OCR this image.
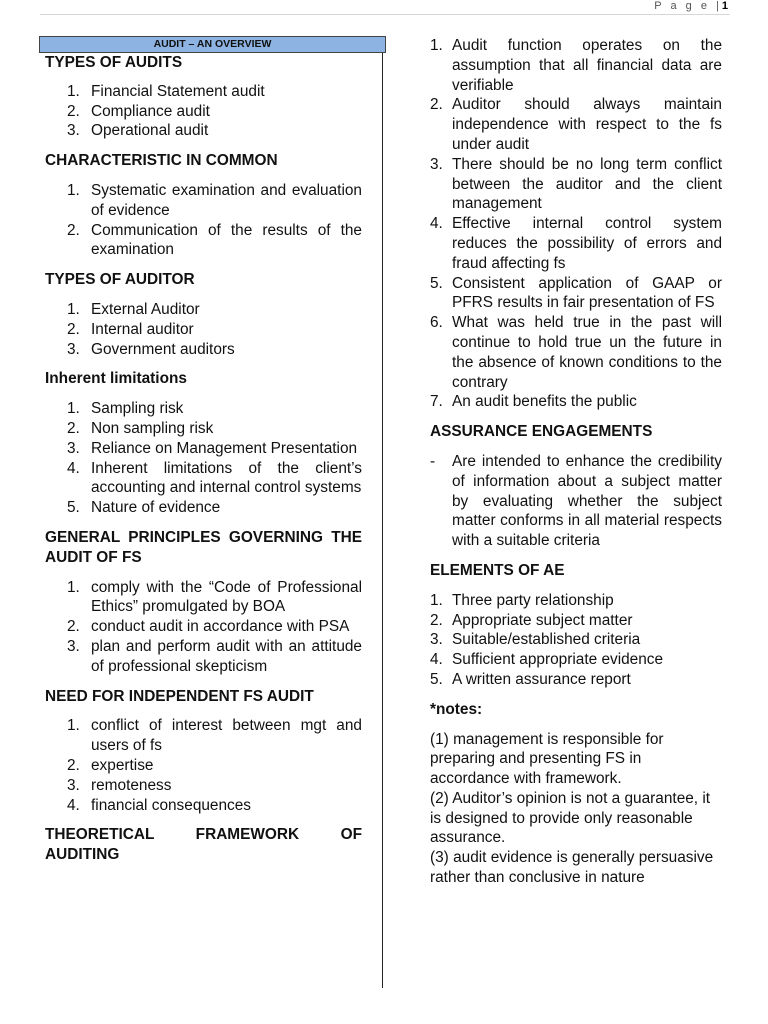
P a g e |1
AUDIT – AN OVERVIEW
TYPES OF AUDITS
1. Financial Statement audit
2. Compliance audit
3. Operational audit
CHARACTERISTIC IN COMMON
1. Systematic examination and evaluation of evidence
2. Communication of the results of the examination
TYPES OF AUDITOR
1. External Auditor
2. Internal auditor
3. Government auditors
Inherent limitations
1. Sampling risk
2. Non sampling risk
3. Reliance on Management Presentation
4. Inherent limitations of the client’s accounting and internal control systems
5. Nature of evidence
GENERAL PRINCIPLES GOVERNING THE AUDIT OF FS
1. comply with the “Code of Professional Ethics” promulgated by BOA
2. conduct audit in accordance with PSA
3. plan and perform audit with an attitude of professional skepticism
NEED FOR INDEPENDENT FS AUDIT
1. conflict of interest between mgt and users of fs
2. expertise
3. remoteness
4. financial consequences
THEORETICAL FRAMEWORK OF AUDITING
1. Audit function operates on the assumption that all financial data are verifiable
2. Auditor should always maintain independence with respect to the fs under audit
3. There should be no long term conflict between the auditor and the client management
4. Effective internal control system reduces the possibility of errors and fraud affecting fs
5. Consistent application of GAAP or PFRS results in fair presentation of FS
6. What was held true in the past will continue to hold true un the future in the absence of known conditions to the contrary
7. An audit benefits the public
ASSURANCE ENGAGEMENTS
- Are intended to enhance the credibility of information about a subject matter by evaluating whether the subject matter conforms in all material respects with a suitable criteria
ELEMENTS OF AE
1. Three party relationship
2. Appropriate subject matter
3. Suitable/established criteria
4. Sufficient appropriate evidence
5. A written assurance report
*notes:

(1) management is responsible for preparing and presenting FS in accordance with framework.

(2) Auditor’s opinion is not a guarantee, it is designed to provide only reasonable assurance.

(3) audit evidence is generally persuasive rather than conclusive in nature
